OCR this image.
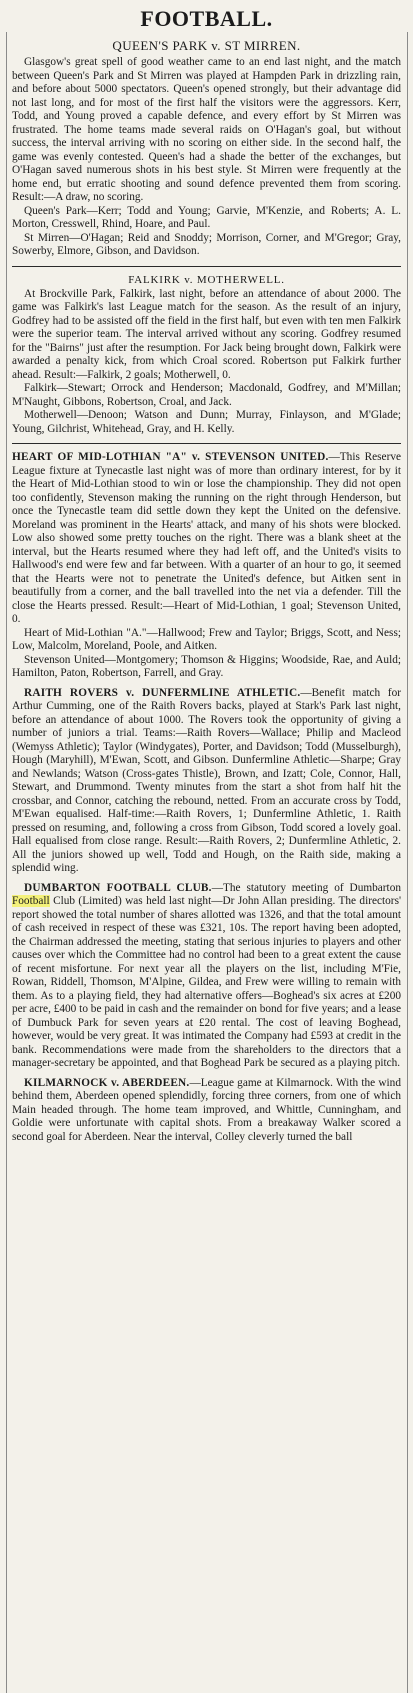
FOOTBALL.
QUEEN'S PARK v. ST MIRREN.

Glasgow's great spell of good weather came to an end last night, and the match between Queen's Park and St Mirren was played at Hampden Park in drizzling rain, and before about 5000 spectators. Queen's opened strongly, but their advantage did not last long, and for most of the first half the visitors were the aggressors. Kerr, Todd, and Young proved a capable defence, and every effort by St Mirren was frustrated. The home teams made several raids on O'Hagan's goal, but without success, the interval arriving with no scoring on either side. In the second half, the game was evenly contested. Queen's had a shade the better of the exchanges, but O'Hagan saved numerous shots in his best style. St Mirren were frequently at the home end, but erratic shooting and sound defence prevented them from scoring. Result:—A draw, no scoring.

Queen's Park—Kerr; Todd and Young; Garvie, M'Kenzie, and Roberts; A. L. Morton, Cresswell, Rhind, Hoare, and Paul.

St Mirren—O'Hagan; Reid and Snoddy; Morrison, Corner, and M'Gregor; Gray, Sowerby, Elmore, Gibson, and Davidson.

FALKIRK v. MOTHERWELL.

At Brockville Park, Falkirk, last night, before an attendance of about 2000. The game was Falkirk's last League match for the season. As the result of an injury, Godfrey had to be assisted off the field in the first half, but even with ten men Falkirk were the superior team. The interval arrived without any scoring. Godfrey resumed for the "Bairns" just after the resumption. For Jack being brought down, Falkirk were awarded a penalty kick, from which Croal scored. Robertson put Falkirk further ahead. Result:—Falkirk, 2 goals; Motherwell, 0.

Falkirk—Stewart; Orrock and Henderson; Macdonald, Godfrey, and M'Millan; M'Naught, Gibbons, Robertson, Croal, and Jack.

Motherwell—Denoon; Watson and Dunn; Murray, Finlayson, and M'Glade; Young, Gilchrist, Whitehead, Gray, and H. Kelly.

HEART OF MID-LOTHIAN "A" v. STEVENSON UNITED.—This Reserve League fixture at Tynecastle last night was of more than ordinary interest, for by it the Heart of Mid-Lothian stood to win or lose the championship. They did not open too confidently, Stevenson making the running on the right through Henderson, but once the Tynecastle team did settle down they kept the United on the defensive. Moreland was prominent in the Hearts' attack, and many of his shots were blocked. Low also showed some pretty touches on the right. There was a blank sheet at the interval, but the Hearts resumed where they had left off, and the United's visits to Hallwood's end were few and far between. With a quarter of an hour to go, it seemed that the Hearts were not to penetrate the United's defence, but Aitken sent in beautifully from a corner, and the ball travelled into the net via a defender. Till the close the Hearts pressed. Result:—Heart of Mid-Lothian, 1 goal; Stevenson United, 0.

Heart of Mid-Lothian "A."—Hallwood; Frew and Taylor; Briggs, Scott, and Ness; Low, Malcolm, Moreland, Poole, and Aitken.

Stevenson United—Montgomery; Thomson & Higgins; Woodside, Rae, and Auld; Hamilton, Paton, Robertson, Farrell, and Gray.

RAITH ROVERS v. DUNFERMLINE ATHLETIC.—Benefit match for Arthur Cumming, one of the Raith Rovers backs, played at Stark's Park last night, before an attendance of about 1000. The Rovers took the opportunity of giving a number of juniors a trial. Teams:—Raith Rovers—Wallace; Philip and Macleod (Wemyss Athletic); Taylor (Windygates), Porter, and Davidson; Todd (Musselburgh), Hough (Maryhill), M'Ewan, Scott, and Gibson. Dunfermline Athletic—Sharpe; Gray and Newlands; Watson (Cross-gates Thistle), Brown, and Izatt; Cole, Connor, Hall, Stewart, and Drummond. Twenty minutes from the start a shot from half hit the crossbar, and Connor, catching the rebound, netted. From an accurate cross by Todd, M'Ewan equalised. Half-time:—Raith Rovers, 1; Dunfermline Athletic, 1. Raith pressed on resuming, and, following a cross from Gibson, Todd scored a lovely goal. Hall equalised from close range. Result:—Raith Rovers, 2; Dunfermline Athletic, 2. All the juniors showed up well, Todd and Hough, on the Raith side, making a splendid wing.

DUMBARTON FOOTBALL CLUB.—The statutory meeting of Dumbarton Football Club (Limited) was held last night—Dr John Allan presiding. The directors' report showed the total number of shares allotted was 1326, and that the total amount of cash received in respect of these was £321, 10s. The report having been adopted, the Chairman addressed the meeting, stating that serious injuries to players and other causes over which the Committee had no control had been to a great extent the cause of recent misfortune. For next year all the players on the list, including M'Fie, Rowan, Riddell, Thomson, M'Alpine, Gildea, and Frew were willing to remain with them. As to a playing field, they had alternative offers—Boghead's six acres at £200 per acre, £400 to be paid in cash and the remainder on bond for five years; and a lease of Dumbuck Park for seven years at £20 rental. The cost of leaving Boghead, however, would be very great. It was intimated the Company had £593 at credit in the bank. Recommendations were made from the shareholders to the directors that a manager-secretary be appointed, and that Boghead Park be secured as a playing pitch.

KILMARNOCK v. ABERDEEN.—League game at Kilmarnock. With the wind behind them, Aberdeen opened splendidly, forcing three corners, from one of which Main headed through. The home team improved, and Whittle, Cunningham, and Goldie were unfortunate with capital shots. From a breakaway Walker scored a second goal for Aberdeen. Near the interval, Colley cleverly turned the ball
